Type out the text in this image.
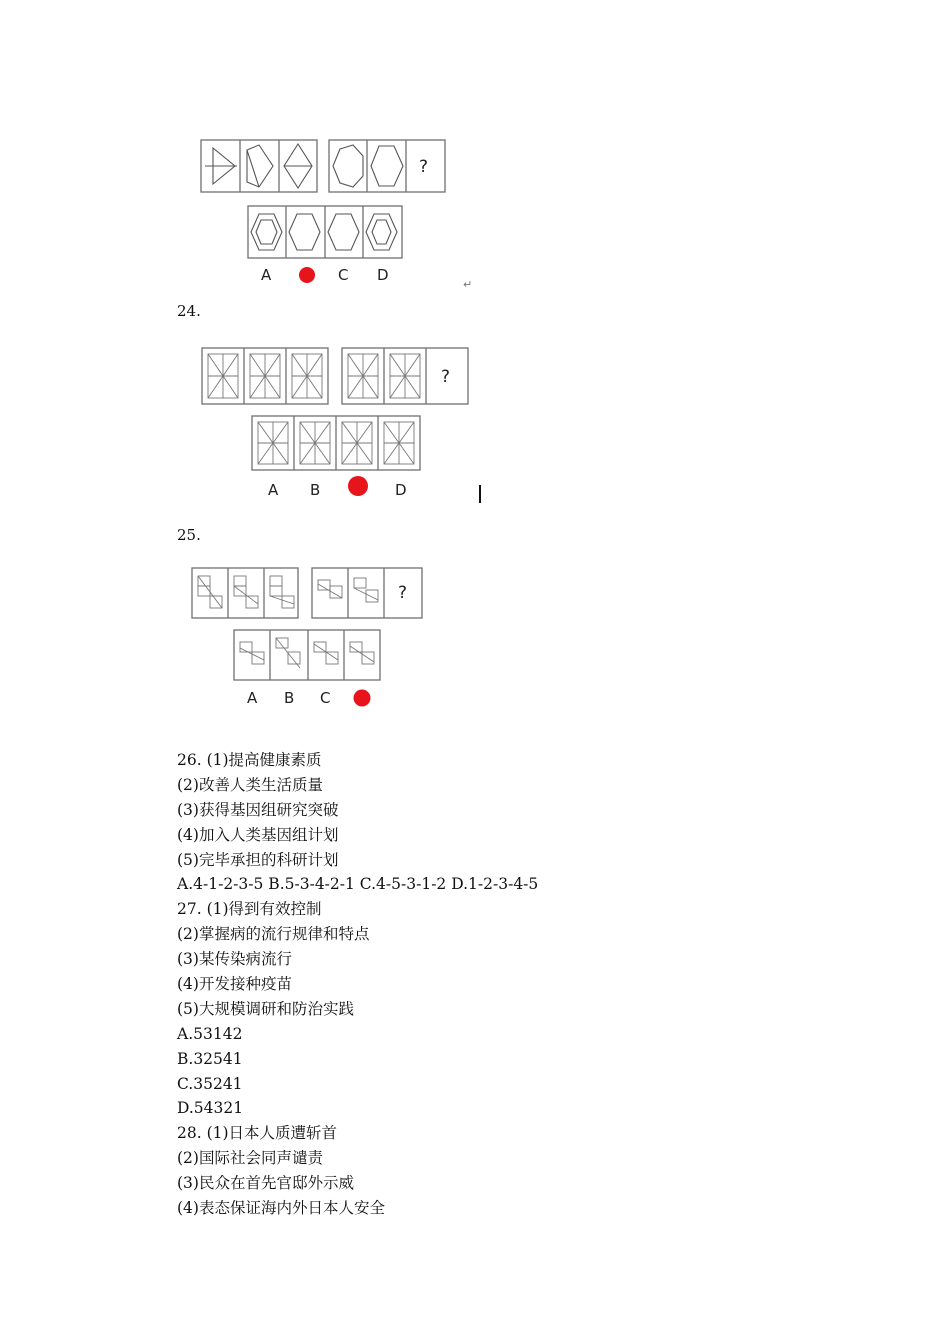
?
A	C D
↵
24.
?
A B	D
25.
?
A B C
26. (1)提高健康素质
(2)改善人类生活质量
(3)获得基因组研究突破
(4)加入人类基因组计划
(5)完毕承担的科研计划
A.4-1-2-3-5 B.5-3-4-2-1 C.4-5-3-1-2 D.1-2-3-4-5
27. (1)得到有效控制
(2)掌握病的流行规律和特点
(3)某传染病流行
(4)开发接种疫苗
(5)大规模调研和防治实践
A.53142
B.32541
C.35241
D.54321
28. (1)日本人质遭斩首
(2)国际社会同声谴责
(3)民众在首先官邸外示威
(4)表态保证海内外日本人安全
